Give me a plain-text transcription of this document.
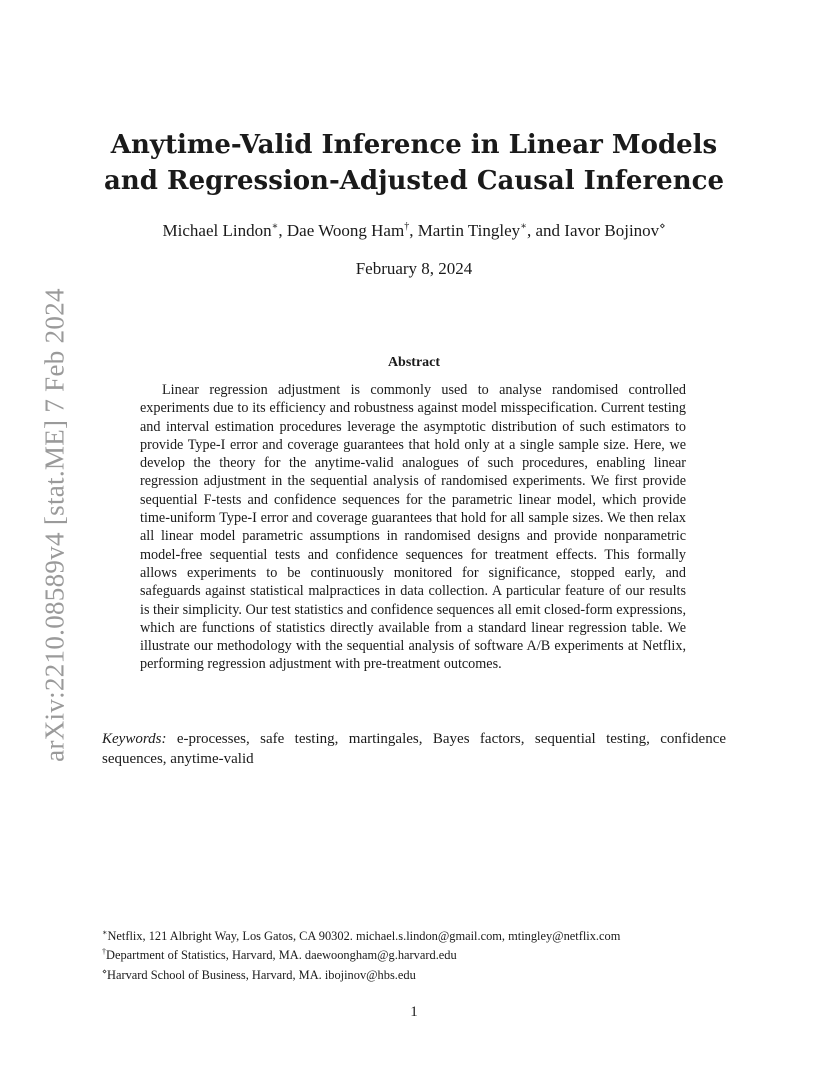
arXiv:2210.08589v4 [stat.ME] 7 Feb 2024
Anytime-Valid Inference in Linear Models
and Regression-Adjusted Causal Inference
Michael Lindon∗, Dae Woong Ham†, Martin Tingley∗, and Iavor Bojinov⋄
February 8, 2024
Abstract
Linear regression adjustment is commonly used to analyse randomised controlled experiments due to its efficiency and robustness against model misspecification. Current testing and interval estimation procedures leverage the asymptotic distribution of such estimators to provide Type-I error and coverage guarantees that hold only at a single sample size. Here, we develop the theory for the anytime-valid analogues of such procedures, enabling linear regression adjustment in the sequential analysis of randomised experiments. We first provide sequential F-tests and confidence sequences for the parametric linear model, which provide time-uniform Type-I error and coverage guarantees that hold for all sample sizes. We then relax all linear model parametric assumptions in randomised designs and provide nonparametric model-free sequential tests and confidence sequences for treatment effects. This formally allows experiments to be continuously monitored for significance, stopped early, and safeguards against statistical malpractices in data collection. A particular feature of our results is their simplicity. Our test statistics and confidence sequences all emit closed-form expressions, which are functions of statistics directly available from a standard linear regression table. We illustrate our methodology with the sequential analysis of software A/B experiments at Netflix, performing regression adjustment with pre-treatment outcomes.
Keywords: e-processes, safe testing, martingales, Bayes factors, sequential testing, confidence sequences, anytime-valid
∗Netflix, 121 Albright Way, Los Gatos, CA 90302. michael.s.lindon@gmail.com, mtingley@netflix.com
†Department of Statistics, Harvard, MA. daewoongham@g.harvard.edu
⋄Harvard School of Business, Harvard, MA. ibojinov@hbs.edu
1
